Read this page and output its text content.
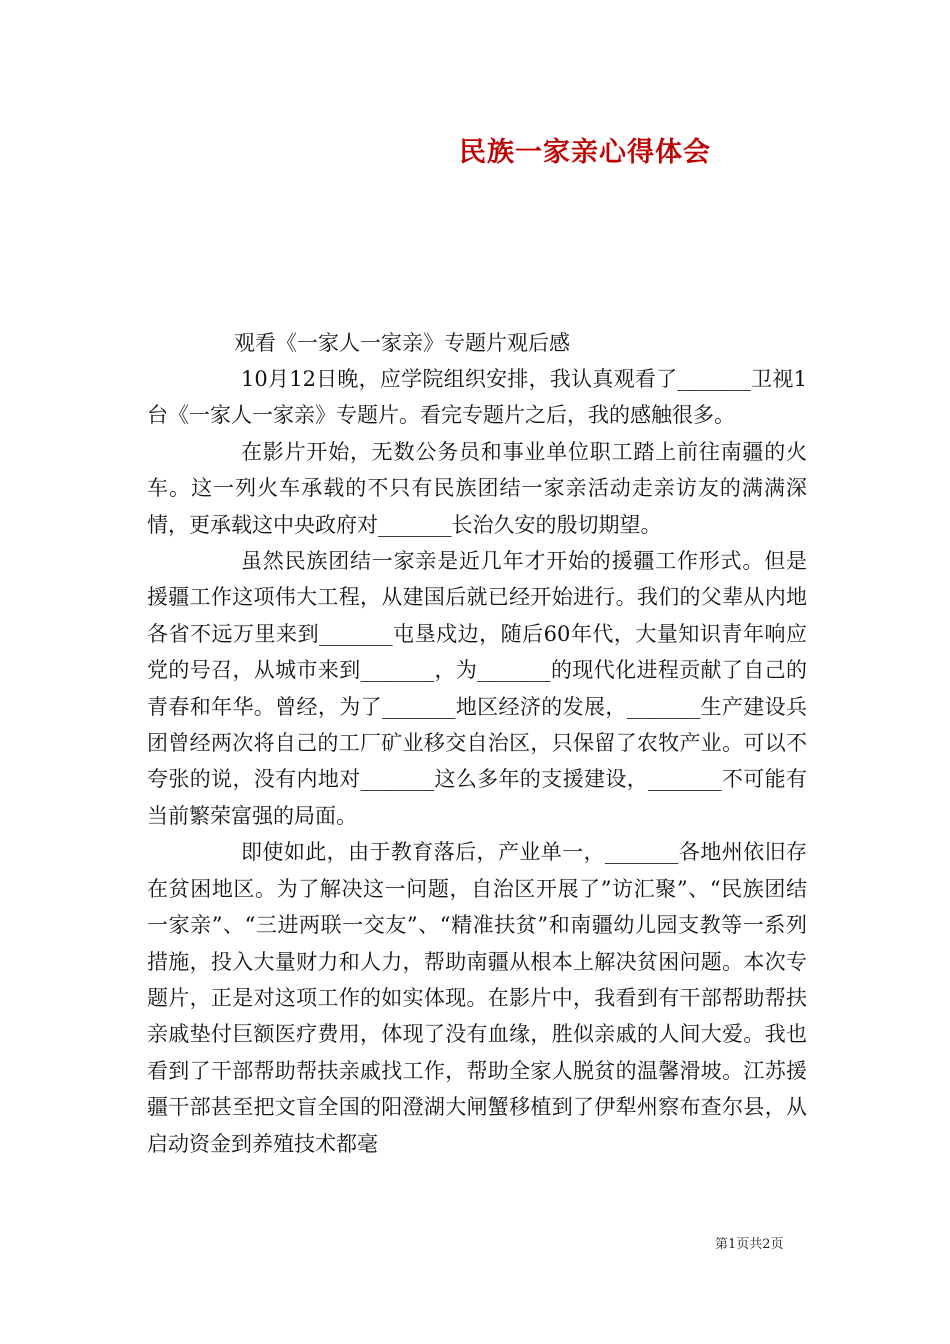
民族一家亲心得体会
观看《一家人一家亲》专题片观后感

10月12日晚，应学院组织安排，我认真观看了_______卫视1台《一家人一家亲》专题片。看完专题片之后，我的感触很多。

在影片开始，无数公务员和事业单位职工踏上前往南疆的火车。这一列火车承载的不只有民族团结一家亲活动走亲访友的满满深情，更承载这中央政府对_______长治久安的殷切期望。

虽然民族团结一家亲是近几年才开始的援疆工作形式。但是援疆工作这项伟大工程，从建国后就已经开始进行。我们的父辈从内地各省不远万里来到_______屯垦戍边，随后60年代，大量知识青年响应党的号召，从城市来到_______，为_______的现代化进程贡献了自己的青春和年华。曾经，为了_______地区经济的发展，_______生产建设兵团曾经两次将自己的工厂矿业移交自治区，只保留了农牧产业。可以不夸张的说，没有内地对_______这么多年的支援建设，_______不可能有当前繁荣富强的局面。

即使如此，由于教育落后，产业单一，_______各地州依旧存在贫困地区。为了解决这一问题，自治区开展了”访汇聚”、“民族团结一家亲”、“三进两联一交友”、“精准扶贫”和南疆幼儿园支教等一系列措施，投入大量财力和人力，帮助南疆从根本上解决贫困问题。本次专题片，正是对这项工作的如实体现。在影片中，我看到有干部帮助帮扶亲戚垫付巨额医疗费用，体现了没有血缘，胜似亲戚的人间大爱。我也看到了干部帮助帮扶亲戚找工作，帮助全家人脱贫的温馨滑坡。江苏援疆干部甚至把文盲全国的阳澄湖大闸蟹移植到了伊犁州察布查尔县，从启动资金到养殖技术都毫

第1页共2页
